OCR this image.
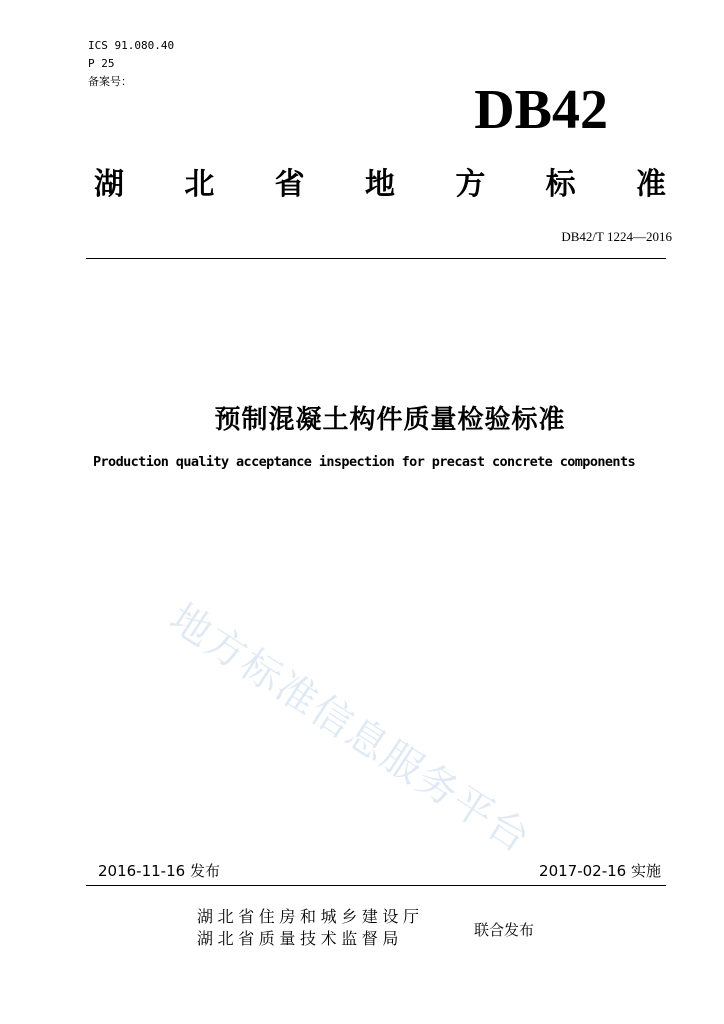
ICS 91.080.40
P 25
备案号：	DB42
湖 北 省 地 方 标 准
DB42/T 1224—2016
预制混凝土构件质量检验标准
Production quality acceptance inspection for precast concrete components
地方标准信息服务平台
2016-11-16 发布	2017-02-16 实施
湖北省住房和城乡建设厅
湖北省质量技术监督局	联合发布
